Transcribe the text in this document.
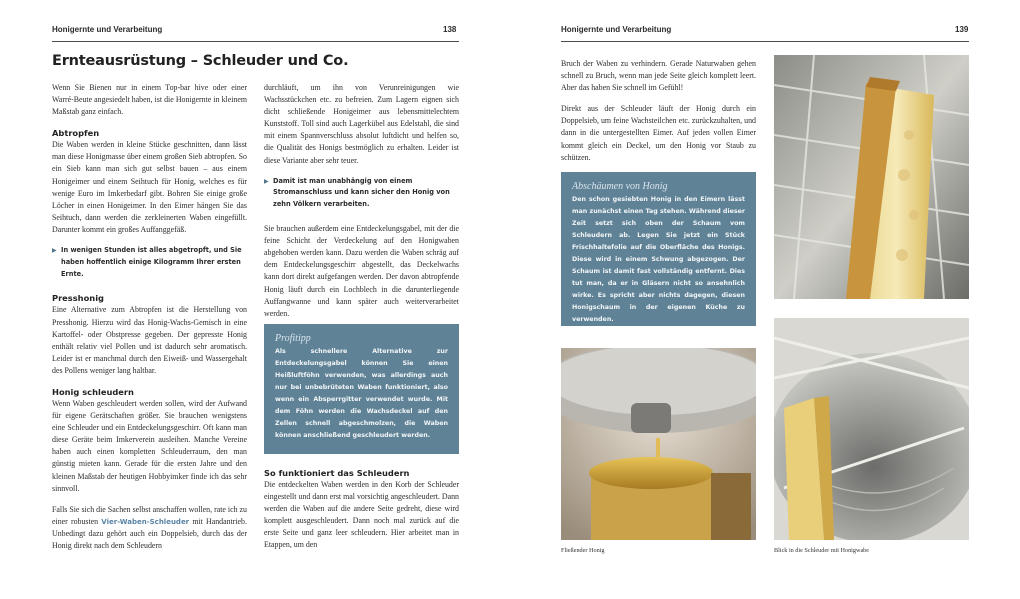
Honigernte und Verarbeitung	138
Ernteausrüstung – Schleuder und Co.

Wenn Sie Bienen nur in einem Top-bar hive oder einer Warré-Beute angesiedelt haben, ist die Honigernte in kleinem Maßstab ganz einfach.

Abtropfen

Die Waben werden in kleine Stücke geschnitten, dann lässt man diese Honigmasse über einem großen Sieb abtropfen. So ein Sieb kann man sich gut selbst bauen – aus einem Honigeimer und einem Seihtuch für Honig, welches es für wenige Euro im Imkerbedarf gibt. Bohren Sie einige große Löcher in einen Honigeimer. In den Eimer hängen Sie das Seihtuch, dann werden die zerkleinerten Waben eingefüllt. Darunter kommt ein großes Auffanggefäß.

▶ In wenigen Stunden ist alles abgetropft, und Sie haben hoffentlich einige Kilogramm Ihrer ersten Ernte.
Presshonig

Eine Alternative zum Abtropfen ist die Herstellung von Presshonig. Hierzu wird das Honig-Wachs-Gemisch in eine Kartoffel- oder Obstpresse gegeben. Der gepresste Honig enthält relativ viel Pollen und ist dadurch sehr aromatisch. Leider ist er manchmal durch den Eiweiß- und Wassergehalt des Pollens weniger lang haltbar.

Honig schleudern

Wenn Waben geschleudert werden sollen, wird der Aufwand für eigene Gerätschaften größer. Sie brauchen wenigstens eine Schleuder und ein Entdeckelungsgeschirr. Oft kann man diese Geräte beim Imkerverein ausleihen. Manche Vereine haben auch einen kompletten Schleuderraum, den man günstig mieten kann. Gerade für die ersten Jahre und den kleinen Maßstab der heutigen Hobbyimker finde ich das sehr sinnvoll.

Falls Sie sich die Sachen selbst anschaffen wollen, rate ich zu einer robusten Vier-Waben-Schleuder mit Handantrieb. Unbedingt dazu gehört auch ein Doppelsieb, durch das der Honig direkt nach dem Schleudern

durchläuft, um ihn von Verunreinigungen wie Wachsstückchen etc. zu befreien. Zum Lagern eignen sich dicht schließende Honigeimer aus lebensmittelechtem Kunststoff. Toll sind auch Lagerkübel aus Edelstahl, die sind mit einem Spannverschluss absolut luftdicht und helfen so, die Qualität des Honigs bestmöglich zu erhalten. Leider ist diese Variante aber sehr teuer.

▶ Damit ist man unabhängig von einem Stromanschluss und kann sicher den Honig von zehn Völkern verarbeiten.

Sie brauchen außerdem eine Entdeckelungsgabel, mit der die feine Schicht der Verdeckelung auf den Honigwaben abgehoben werden kann. Dazu werden die Waben schräg auf dem Entdeckelungsgeschirr abgestellt, das Deckelwachs kann dort direkt aufgefangen werden. Der davon abtropfende Honig läuft durch ein Lochblech in die darunterliegende Auffangwanne und kann später auch weiterverarbeitet werden.

Profitipp
Als schnellere Alternative zur Entdeckelungsgabel können Sie einen Heißluftföhn verwenden, was allerdings auch nur bei unbebrüteten Waben funktioniert, also wenn ein Absperrgitter verwendet wurde. Mit dem Föhn werden die Wachsdeckel auf den Zellen schnell abgeschmolzen, die Waben können anschließend geschleudert werden.
So funktioniert das Schleudern

Die entdeckelten Waben werden in den Korb der Schleuder eingestellt und dann erst mal vorsichtig angeschleudert. Dann werden die Waben auf die andere Seite gedreht, diese wird komplett ausgeschleudert. Dann noch mal zurück auf die erste Seite und ganz leer schleudern. Hier arbeitet man in Etappen, um den

Honigernte und Verarbeitung	139

Bruch der Waben zu verhindern. Gerade Naturwaben gehen schnell zu Bruch, wenn man jede Seite gleich komplett leert. Aber das haben Sie schnell im Gefühl!

Direkt aus der Schleuder läuft der Honig durch ein Doppelsieb, um feine Wachsteilchen etc. zurückzuhalten, und dann in die untergestellten Eimer. Auf jeden vollen Eimer kommt gleich ein Deckel, um den Honig vor Staub zu schützen.

Abschäumen von Honig
Den schon gesiebten Honig in den Eimern lässt man zunächst einen Tag stehen. Während dieser Zeit setzt sich oben der Schaum vom Schleudern ab. Legen Sie jetzt ein Stück Frischhaltefolie auf die Oberfläche des Honigs. Diese wird in einem Schwung abgezogen. Der Schaum ist damit fast vollständig entfernt. Dies tut man, da er in Gläsern nicht so ansehnlich wirke. Es spricht aber nichts dagegen, diesen Honigschaum in der eigenen Küche zu verwenden.
Fließender Honig	Blick in die Schleuder mit Honigwabe
